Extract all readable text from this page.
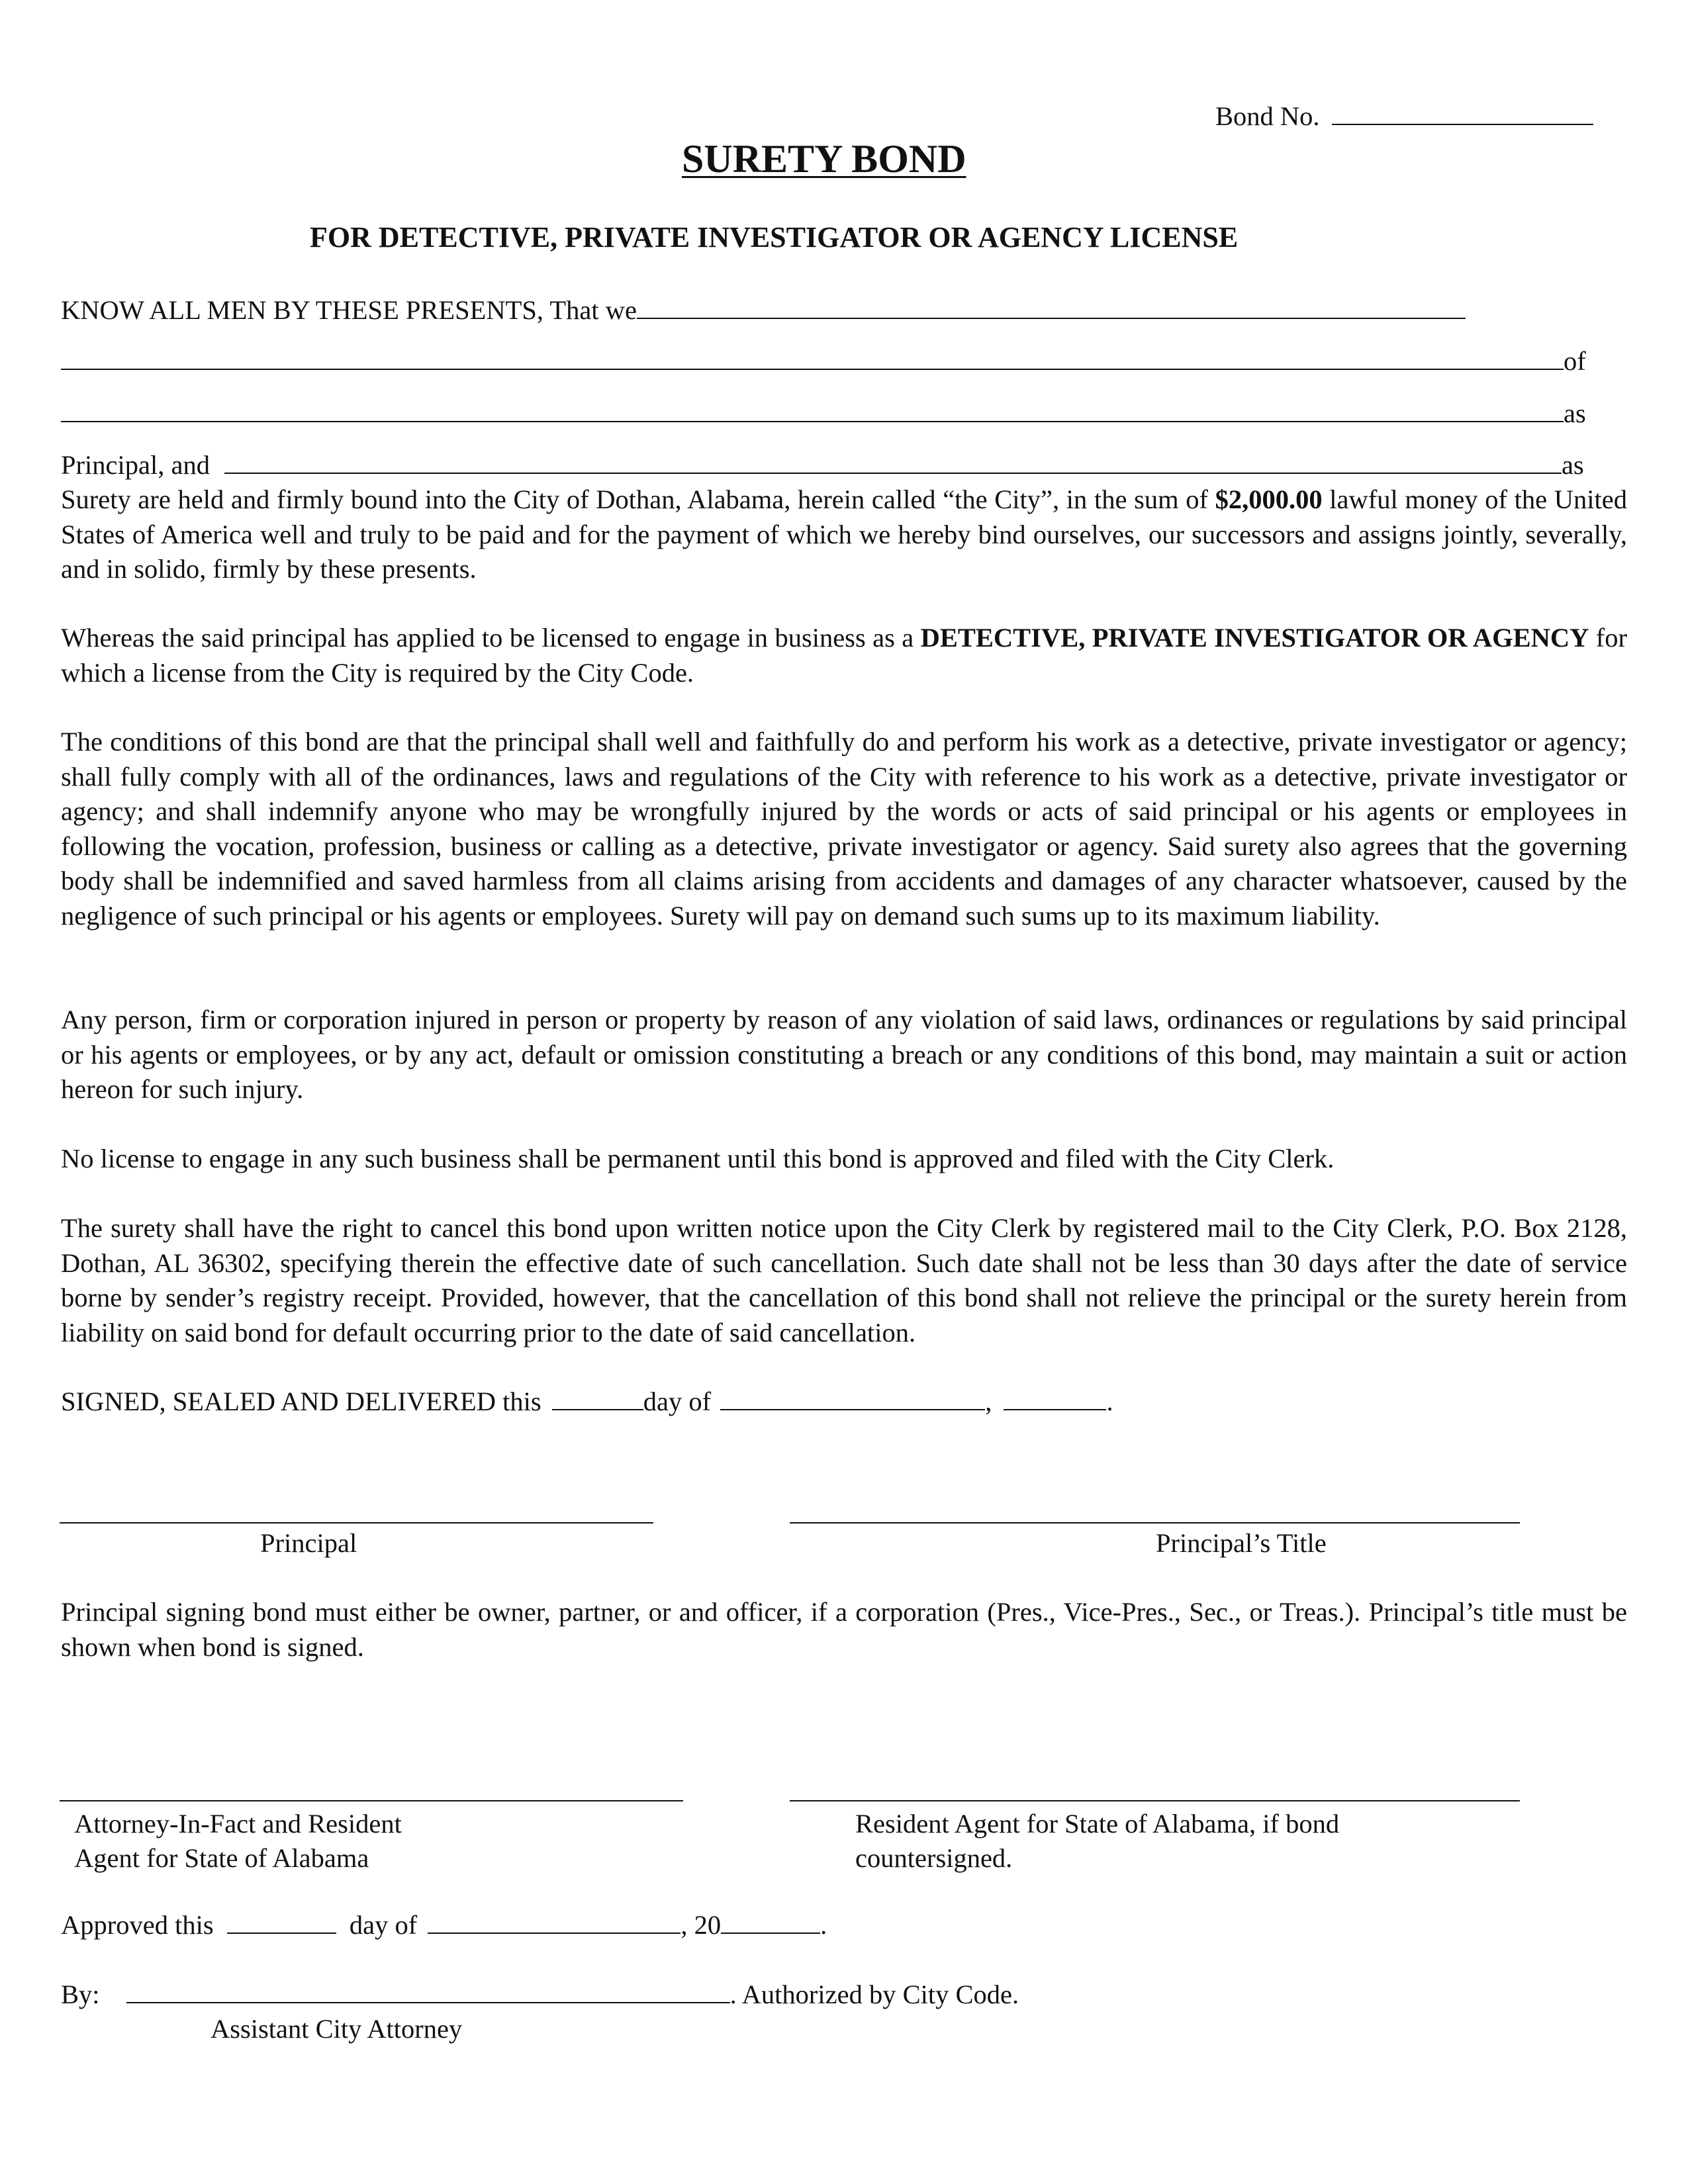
Bond No.
SURETY BOND
FOR DETECTIVE, PRIVATE INVESTIGATOR OR AGENCY LICENSE
KNOW ALL MEN BY THESE PRESENTS, That we
of
as
Principal, and	as
Surety are held and firmly bound into the City of Dothan, Alabama, herein called “the City”, in the sum of $2,000.00 lawful money of the United States of America well and truly to be paid and for the payment of which we hereby bind ourselves, our successors and assigns jointly, severally, and in solido, firmly by these presents.
Whereas the said principal has applied to be licensed to engage in business as a DETECTIVE, PRIVATE INVESTIGATOR OR AGENCY for which a license from the City is required by the City Code.
The conditions of this bond are that the principal shall well and faithfully do and perform his work as a detective, private investigator or agency; shall fully comply with all of the ordinances, laws and regulations of the City with reference to his work as a detective, private investigator or agency; and shall indemnify anyone who may be wrongfully injured by the words or acts of said principal or his agents or employees in following the vocation, profession, business or calling as a detective, private investigator or agency. Said surety also agrees that the governing body shall be indemnified and saved harmless from all claims arising from accidents and damages of any character whatsoever, caused by the negligence of such principal or his agents or employees. Surety will pay on demand such sums up to its maximum liability.
Any person, firm or corporation injured in person or property by reason of any violation of said laws, ordinances or regulations by said principal or his agents or employees, or by any act, default or omission constituting a breach or any conditions of this bond, may maintain a suit or action hereon for such injury.
No license to engage in any such business shall be permanent until this bond is approved and filed with the City Clerk.
The surety shall have the right to cancel this bond upon written notice upon the City Clerk by registered mail to the City Clerk, P.O. Box 2128, Dothan, AL 36302, specifying therein the effective date of such cancellation. Such date shall not be less than 30 days after the date of service borne by sender’s registry receipt. Provided, however, that the cancellation of this bond shall not relieve the principal or the surety herein from liability on said bond for default occurring prior to the date of said cancellation.
SIGNED, SEALED AND DELIVERED this	day of	,	.
Principal	Principal’s Title
Principal signing bond must either be owner, partner, or and officer, if a corporation (Pres., Vice-Pres., Sec., or Treas.). Principal’s title must be shown when bond is signed.
Attorney-In-Fact and Resident
Agent for State of Alabama
Resident Agent for State of Alabama, if bond
countersigned.
Approved this	day of	, 20	.
By:	. Authorized by City Code.
Assistant City Attorney
